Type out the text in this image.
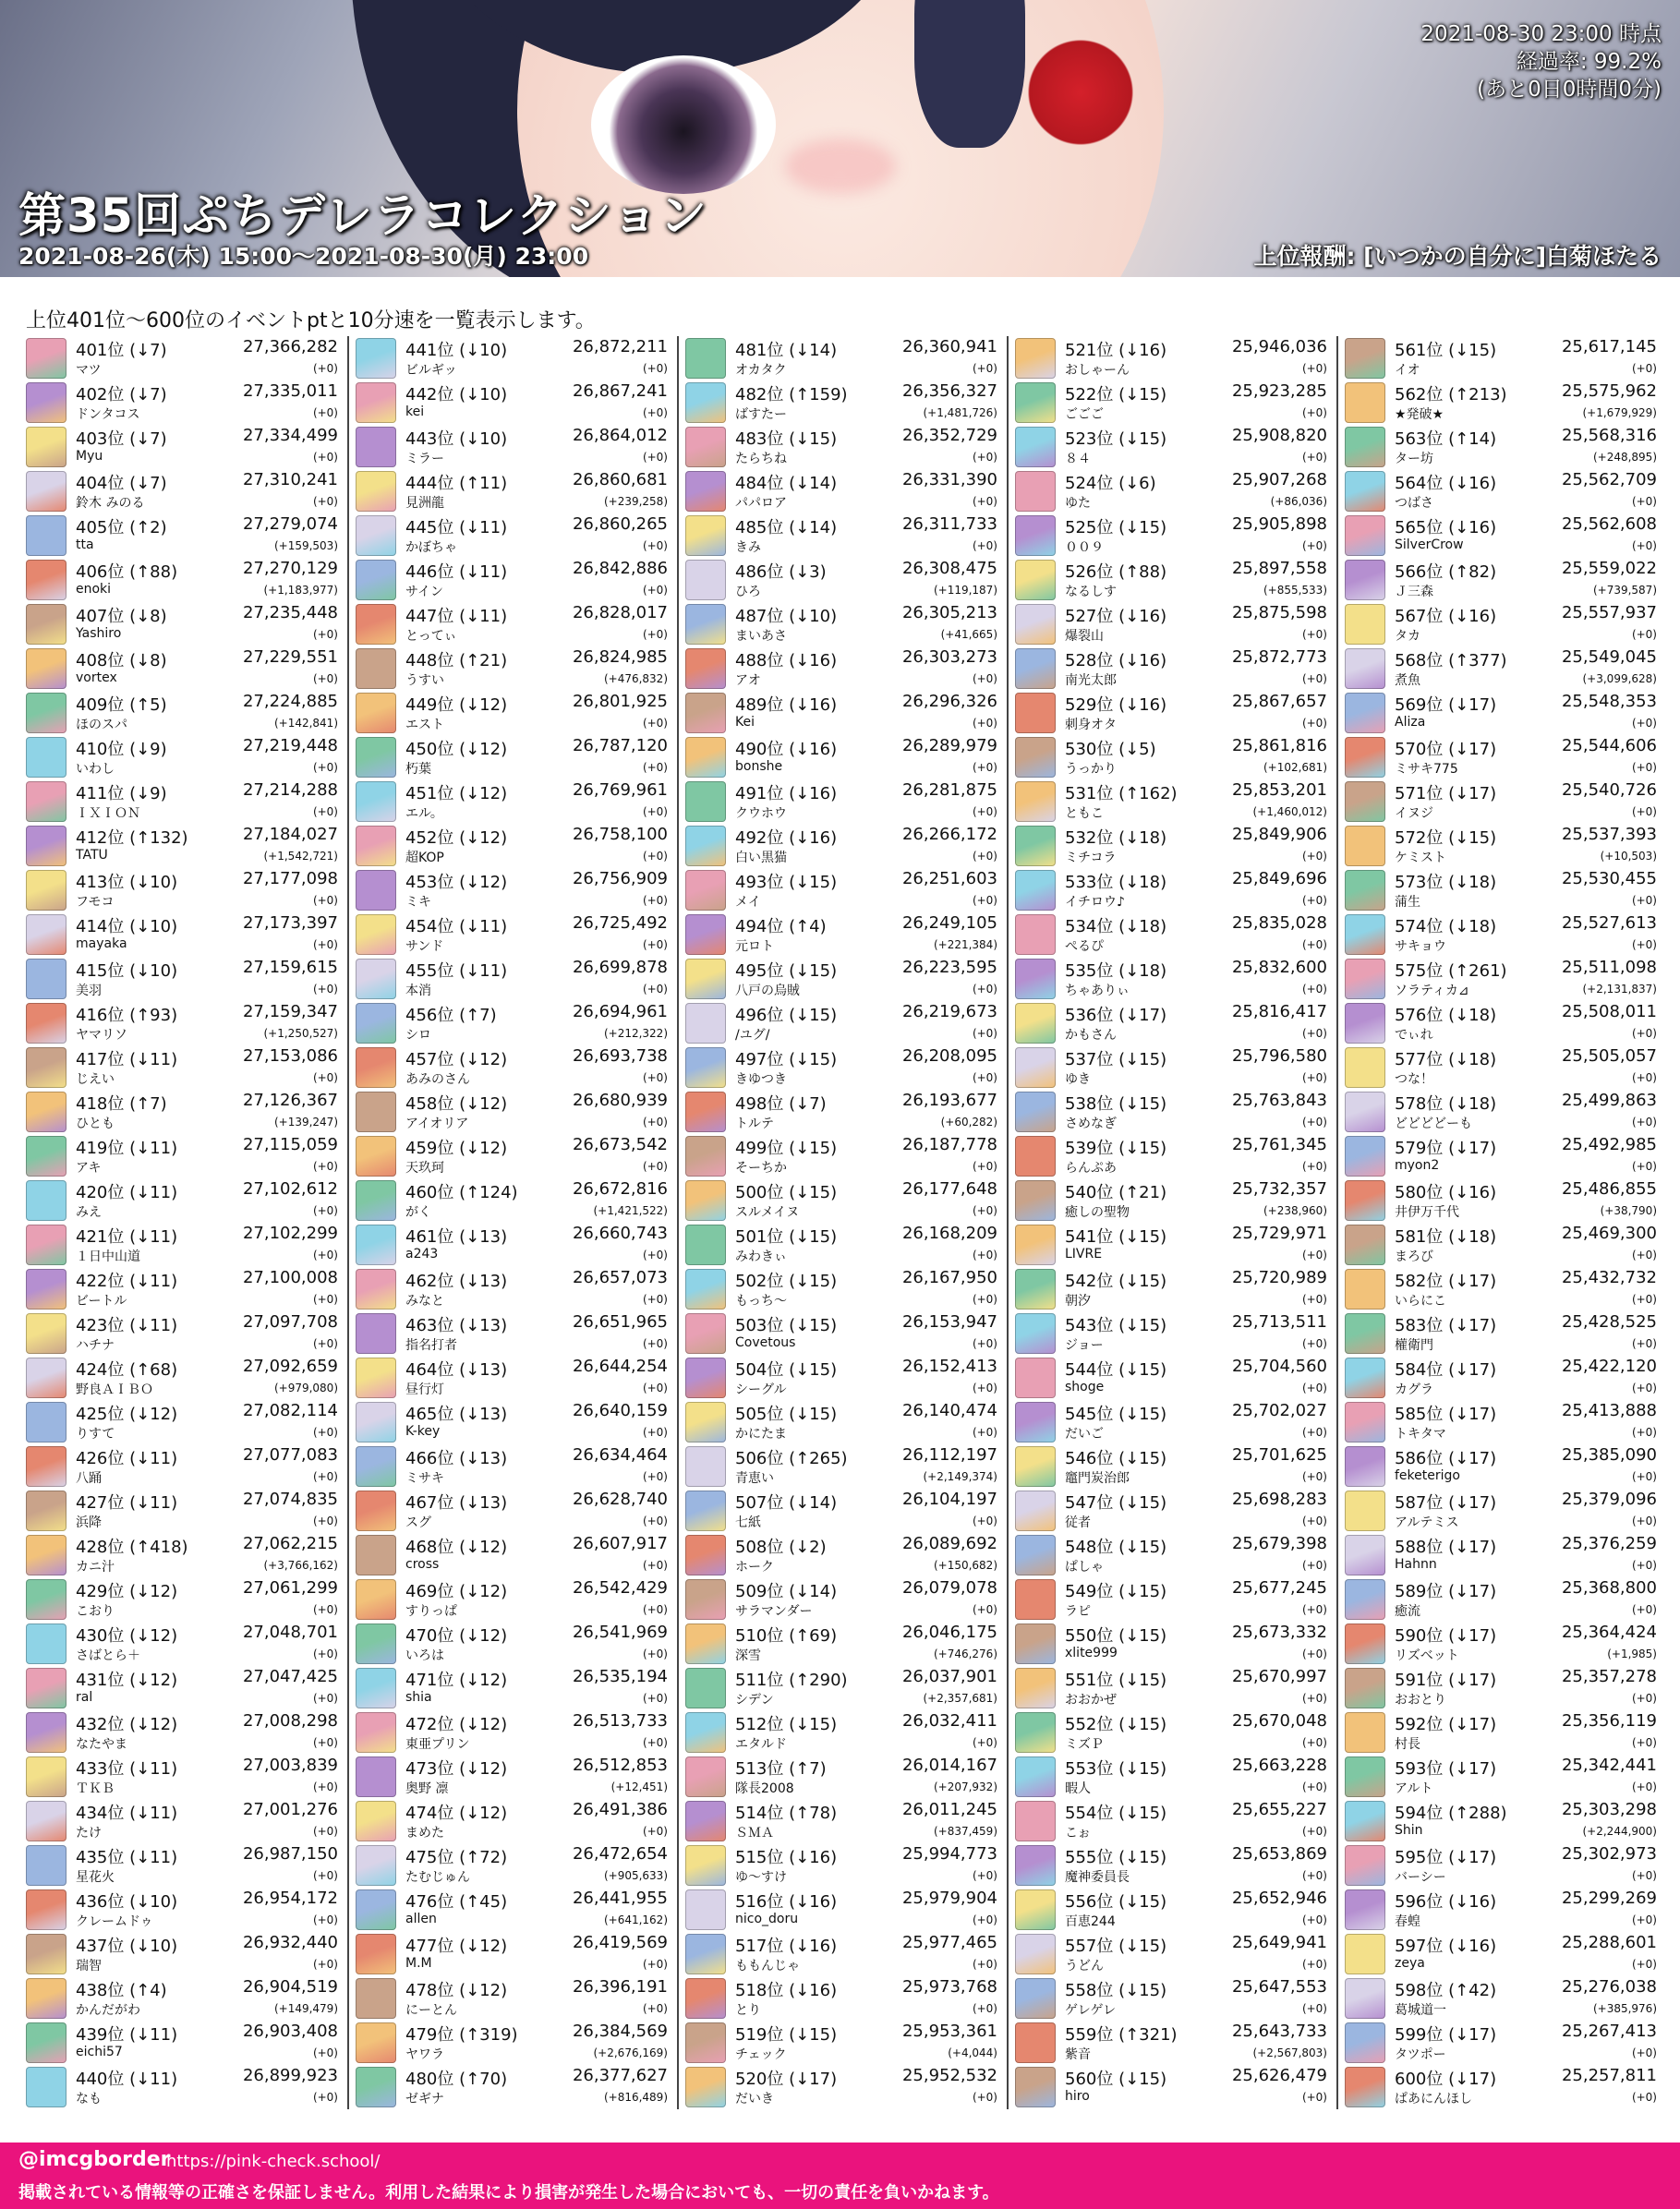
2021-08-30 23:00 時点
経過率: 99.2%
(あと0日0時間0分)
第35回ぷちデレラコレクション
2021-08-26(木) 15:00〜2021-08-30(月) 23:00	上位報酬: [いつかの自分に]白菊ほたる
上位401位〜600位のイベントptと10分速を一覧表示します。
401位 (↓7)	27,366,282
マツ	(+0)
402位 (↓7)	27,335,011
ドンタコス	(+0)
403位 (↓7)	27,334,499
Myu	(+0)
404位 (↓7)	27,310,241
鈴木 みのる	(+0)
405位 (↑2)	27,279,074
tta	(+159,503)
406位 (↑88)	27,270,129
enoki	(+1,183,977)
407位 (↓8)	27,235,448
Yashiro	(+0)
408位 (↓8)	27,229,551
vortex	(+0)
409位 (↑5)	27,224,885
ほのスパ	(+142,841)
410位 (↓9)	27,219,448
いわし	(+0)
411位 (↓9)	27,214,288
ＩＸＩＯＮ	(+0)
412位 (↑132)	27,184,027
TATU	(+1,542,721)
413位 (↓10)	27,177,098
フモコ	(+0)
414位 (↓10)	27,173,397
mayaka	(+0)
415位 (↓10)	27,159,615
美羽	(+0)
416位 (↑93)	27,159,347
ヤマリソ	(+1,250,527)
417位 (↓11)	27,153,086
じえい	(+0)
418位 (↑7)	27,126,367
ひとも	(+139,247)
419位 (↓11)	27,115,059
アキ	(+0)
420位 (↓11)	27,102,612
みえ	(+0)
421位 (↓11)	27,102,299
１日中山道	(+0)
422位 (↓11)	27,100,008
ビートル	(+0)
423位 (↓11)	27,097,708
ハチナ	(+0)
424位 (↑68)	27,092,659
野良ＡＩＢＯ	(+979,080)
425位 (↓12)	27,082,114
りすて	(+0)
426位 (↓11)	27,077,083
八踊	(+0)
427位 (↓11)	27,074,835
浜降	(+0)
428位 (↑418)	27,062,215
カニ汁	(+3,766,162)
429位 (↓12)	27,061,299
こおり	(+0)
430位 (↓12)	27,048,701
さばとら＋	(+0)
431位 (↓12)	27,047,425
ral	(+0)
432位 (↓12)	27,008,298
なたやま	(+0)
433位 (↓11)	27,003,839
ＴＫＢ	(+0)
434位 (↓11)	27,001,276
たけ	(+0)
435位 (↓11)	26,987,150
星花火	(+0)
436位 (↓10)	26,954,172
クレームドゥ	(+0)
437位 (↓10)	26,932,440
瑞智	(+0)
438位 (↑4)	26,904,519
かんだがわ	(+149,479)
439位 (↓11)	26,903,408
eichi57	(+0)
440位 (↓11)	26,899,923
なも	(+0)
441位 (↓10)	26,872,211
ビルギッ	(+0)
442位 (↓10)	26,867,241
kei	(+0)
443位 (↓10)	26,864,012
ミラー	(+0)
444位 (↑11)	26,860,681
見洲龍	(+239,258)
445位 (↓11)	26,860,265
かぼちゃ	(+0)
446位 (↓11)	26,842,886
サイン	(+0)
447位 (↓11)	26,828,017
とってぃ	(+0)
448位 (↑21)	26,824,985
うすい	(+476,832)
449位 (↓12)	26,801,925
エスト	(+0)
450位 (↓12)	26,787,120
朽葉	(+0)
451位 (↓12)	26,769,961
エル。	(+0)
452位 (↓12)	26,758,100
超KOP	(+0)
453位 (↓12)	26,756,909
ミキ	(+0)
454位 (↓11)	26,725,492
サンド	(+0)
455位 (↓11)	26,699,878
本消	(+0)
456位 (↑7)	26,694,961
シロ	(+212,322)
457位 (↓12)	26,693,738
あみのさん	(+0)
458位 (↓12)	26,680,939
アイオリア	(+0)
459位 (↓12)	26,673,542
天玖珂	(+0)
460位 (↑124)	26,672,816
がく	(+1,421,522)
461位 (↓13)	26,660,743
a243	(+0)
462位 (↓13)	26,657,073
みなと	(+0)
463位 (↓13)	26,651,965
指名打者	(+0)
464位 (↓13)	26,644,254
昼行灯	(+0)
465位 (↓13)	26,640,159
K-key	(+0)
466位 (↓13)	26,634,464
ミサキ	(+0)
467位 (↓13)	26,628,740
スグ	(+0)
468位 (↓12)	26,607,917
cross	(+0)
469位 (↓12)	26,542,429
すりっぱ	(+0)
470位 (↓12)	26,541,969
いろは	(+0)
471位 (↓12)	26,535,194
shia	(+0)
472位 (↓12)	26,513,733
東亜プリン	(+0)
473位 (↓12)	26,512,853
奥野 凛	(+12,451)
474位 (↓12)	26,491,386
まめた	(+0)
475位 (↑72)	26,472,654
たむじゅん	(+905,633)
476位 (↑45)	26,441,955
allen	(+641,162)
477位 (↓12)	26,419,569
M.M	(+0)
478位 (↓12)	26,396,191
にーとん	(+0)
479位 (↑319)	26,384,569
ヤワラ	(+2,676,169)
480位 (↑70)	26,377,627
ゼギナ	(+816,489)
481位 (↓14)	26,360,941
オカタク	(+0)
482位 (↑159)	26,356,327
ばすたー	(+1,481,726)
483位 (↓15)	26,352,729
たらちね	(+0)
484位 (↓14)	26,331,390
パパロア	(+0)
485位 (↓14)	26,311,733
きみ	(+0)
486位 (↓3)	26,308,475
ひろ	(+119,187)
487位 (↓10)	26,305,213
まいあさ	(+41,665)
488位 (↓16)	26,303,273
アオ	(+0)
489位 (↓16)	26,296,326
Kei	(+0)
490位 (↓16)	26,289,979
bonshe	(+0)
491位 (↓16)	26,281,875
クウホウ	(+0)
492位 (↓16)	26,266,172
白い黒猫	(+0)
493位 (↓15)	26,251,603
メイ	(+0)
494位 (↑4)	26,249,105
元ロト	(+221,384)
495位 (↓15)	26,223,595
八戸の烏賊	(+0)
496位 (↓15)	26,219,673
/ユグ/	(+0)
497位 (↓15)	26,208,095
きゆつき	(+0)
498位 (↓7)	26,193,677
トルテ	(+60,282)
499位 (↓15)	26,187,778
そーちか	(+0)
500位 (↓15)	26,177,648
スルメイヌ	(+0)
501位 (↓15)	26,168,209
みわきぃ	(+0)
502位 (↓15)	26,167,950
もっち〜	(+0)
503位 (↓15)	26,153,947
Covetous	(+0)
504位 (↓15)	26,152,413
シーグル	(+0)
505位 (↓15)	26,140,474
かにたま	(+0)
506位 (↑265)	26,112,197
青恵い	(+2,149,374)
507位 (↓14)	26,104,197
七紙	(+0)
508位 (↓2)	26,089,692
ホーク	(+150,682)
509位 (↓14)	26,079,078
サラマンダー	(+0)
510位 (↑69)	26,046,175
深雪	(+746,276)
511位 (↑290)	26,037,901
シデン	(+2,357,681)
512位 (↓15)	26,032,411
エタルド	(+0)
513位 (↑7)	26,014,167
隊長2008	(+207,932)
514位 (↑78)	26,011,245
ＳＭＡ	(+837,459)
515位 (↓16)	25,994,773
ゆ〜すけ	(+0)
516位 (↓16)	25,979,904
nico_doru	(+0)
517位 (↓16)	25,977,465
ももんじゃ	(+0)
518位 (↓16)	25,973,768
とり	(+0)
519位 (↓15)	25,953,361
チェック	(+4,044)
520位 (↓17)	25,952,532
だいき	(+0)
521位 (↓16)	25,946,036
おしゃーん	(+0)
522位 (↓15)	25,923,285
ごごご	(+0)
523位 (↓15)	25,908,820
８４	(+0)
524位 (↓6)	25,907,268
ゆた	(+86,036)
525位 (↓15)	25,905,898
００９	(+0)
526位 (↑88)	25,897,558
なるしす	(+855,533)
527位 (↓16)	25,875,598
爆裂山	(+0)
528位 (↓16)	25,872,773
南光太郎	(+0)
529位 (↓16)	25,867,657
刺身オタ	(+0)
530位 (↓5)	25,861,816
うっかり	(+102,681)
531位 (↑162)	25,853,201
ともこ	(+1,460,012)
532位 (↓18)	25,849,906
ミチコラ	(+0)
533位 (↓18)	25,849,696
イチロウ♪	(+0)
534位 (↓18)	25,835,028
ぺるぴ	(+0)
535位 (↓18)	25,832,600
ちゃありぃ	(+0)
536位 (↓17)	25,816,417
かもさん	(+0)
537位 (↓15)	25,796,580
ゆき	(+0)
538位 (↓15)	25,763,843
さめなぎ	(+0)
539位 (↓15)	25,761,345
らんぷあ	(+0)
540位 (↑21)	25,732,357
癒しの聖物	(+238,960)
541位 (↓15)	25,729,971
LIVRE	(+0)
542位 (↓15)	25,720,989
朝汐	(+0)
543位 (↓15)	25,713,511
ジョー	(+0)
544位 (↓15)	25,704,560
shoge	(+0)
545位 (↓15)	25,702,027
だいご	(+0)
546位 (↓15)	25,701,625
竈門炭治郎	(+0)
547位 (↓15)	25,698,283
従者	(+0)
548位 (↓15)	25,679,398
ぱしゃ	(+0)
549位 (↓15)	25,677,245
ラピ	(+0)
550位 (↓15)	25,673,332
xlite999	(+0)
551位 (↓15)	25,670,997
おおかぜ	(+0)
552位 (↓15)	25,670,048
ミズＰ	(+0)
553位 (↓15)	25,663,228
暇人	(+0)
554位 (↓15)	25,655,227
こぉ	(+0)
555位 (↓15)	25,653,869
魔神委員長	(+0)
556位 (↓15)	25,652,946
百恵244	(+0)
557位 (↓15)	25,649,941
うどん	(+0)
558位 (↓15)	25,647,553
ゲレゲレ	(+0)
559位 (↑321)	25,643,733
紫音	(+2,567,803)
560位 (↓15)	25,626,479
hiro	(+0)
561位 (↓15)	25,617,145
イオ	(+0)
562位 (↑213)	25,575,962
★発破★	(+1,679,929)
563位 (↑14)	25,568,316
ター坊	(+248,895)
564位 (↓16)	25,562,709
つばさ	(+0)
565位 (↓16)	25,562,608
SilverCrow	(+0)
566位 (↑82)	25,559,022
Ｊ三森	(+739,587)
567位 (↓16)	25,557,937
タカ	(+0)
568位 (↑377)	25,549,045
煮魚	(+3,099,628)
569位 (↓17)	25,548,353
Aliza	(+0)
570位 (↓17)	25,544,606
ミサキ775	(+0)
571位 (↓17)	25,540,726
イヌジ	(+0)
572位 (↓15)	25,537,393
ケミスト	(+10,503)
573位 (↓18)	25,530,455
蒲生	(+0)
574位 (↓18)	25,527,613
サキョウ	(+0)
575位 (↑261)	25,511,098
ソラティカ⊿	(+2,131,837)
576位 (↓18)	25,508,011
でぃれ	(+0)
577位 (↓18)	25,505,057
つな！	(+0)
578位 (↓18)	25,499,863
どどどどーも	(+0)
579位 (↓17)	25,492,985
myon2	(+0)
580位 (↓16)	25,486,855
井伊万千代	(+38,790)
581位 (↓18)	25,469,300
まろび	(+0)
582位 (↓17)	25,432,732
いらにこ	(+0)
583位 (↓17)	25,428,525
權衛門	(+0)
584位 (↓17)	25,422,120
カグラ	(+0)
585位 (↓17)	25,413,888
トキタマ	(+0)
586位 (↓17)	25,385,090
feketerigo	(+0)
587位 (↓17)	25,379,096
アルテミス	(+0)
588位 (↓17)	25,376,259
Hahnn	(+0)
589位 (↓17)	25,368,800
癒流	(+0)
590位 (↓17)	25,364,424
リズベット	(+1,985)
591位 (↓17)	25,357,278
おおとり	(+0)
592位 (↓17)	25,356,119
村長	(+0)
593位 (↓17)	25,342,441
アルト	(+0)
594位 (↑288)	25,303,298
Shin	(+2,244,900)
595位 (↓17)	25,302,973
バーシー	(+0)
596位 (↓16)	25,299,269
春蝗	(+0)
597位 (↓16)	25,288,601
zeya	(+0)
598位 (↑42)	25,276,038
葛城道一	(+385,976)
599位 (↓17)	25,267,413
タツポー	(+0)
600位 (↓17)	25,257,811
ぱあにんほし	(+0)
@imcgborder
https://pink-check.school/
掲載されている情報等の正確さを保証しません。利用した結果により損害が発生した場合においても、一切の責任を負いかねます。
